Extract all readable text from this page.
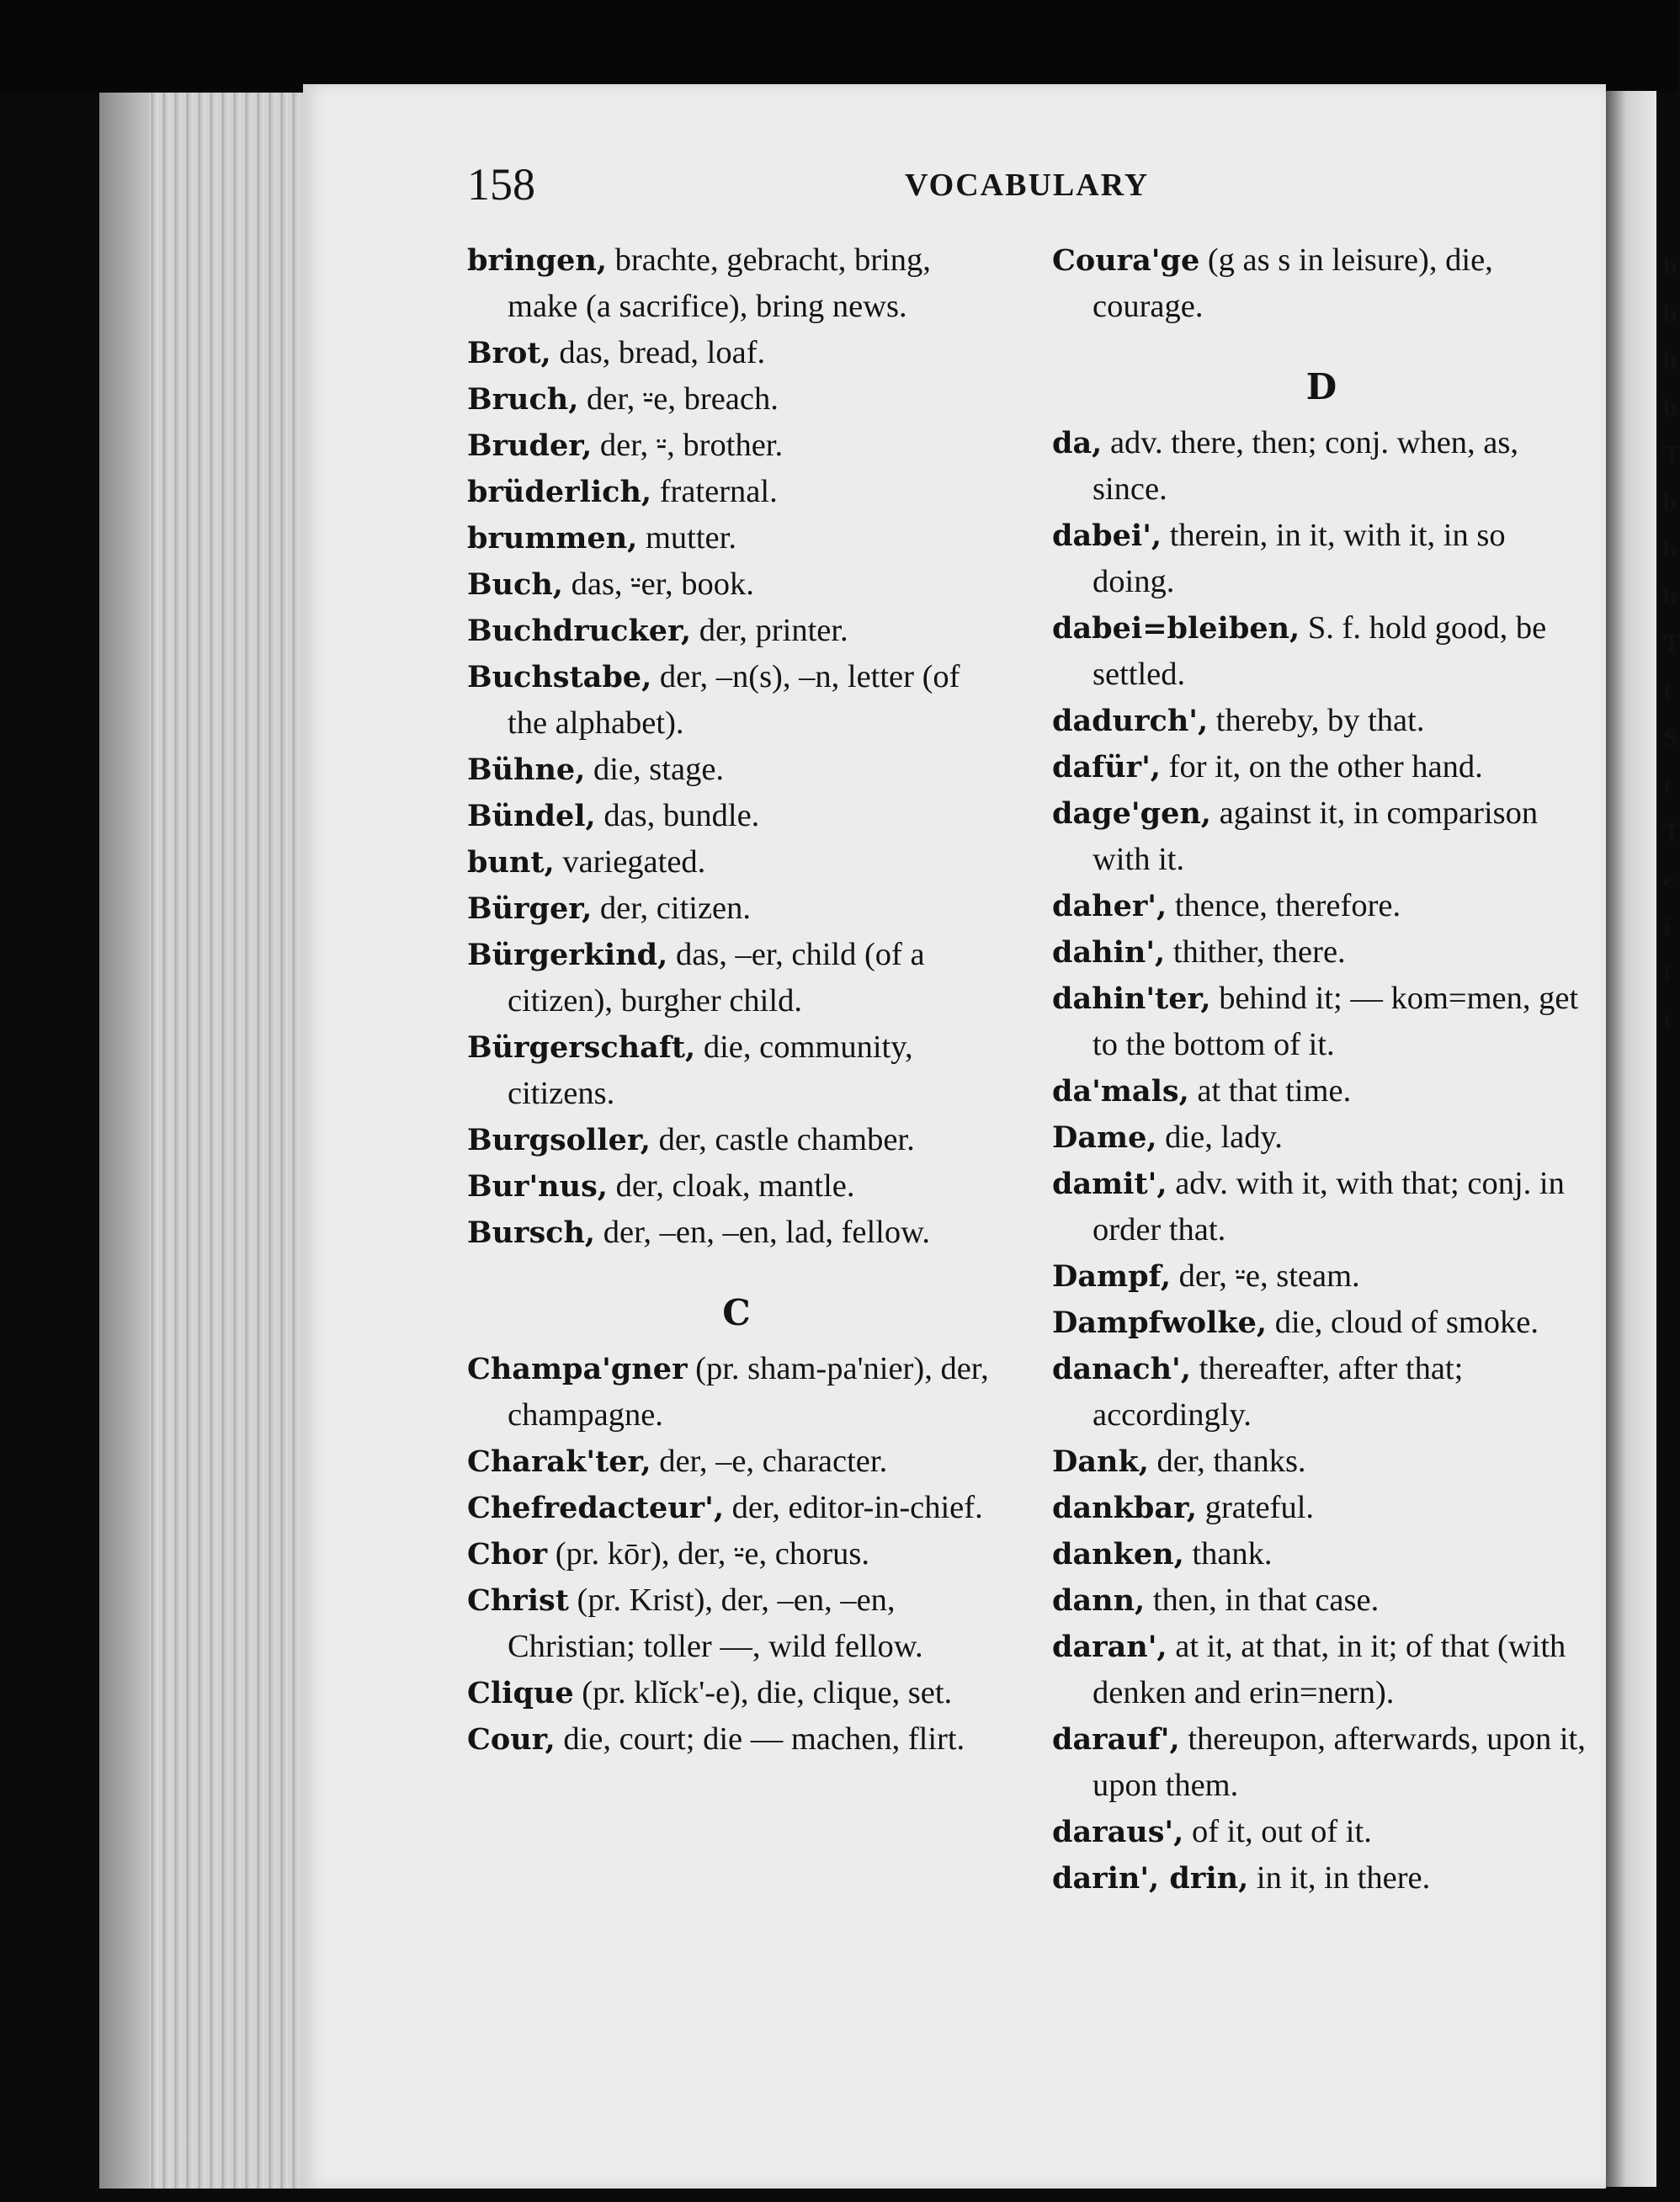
b
b
b
b
T
b
b
b
T
t
S
t
T
e
i
i
t
158	VOCABULARY

bringen, brachte, gebracht, bring, make (a sacrifice), bring news.

Brot, das, bread, loaf.

Bruch, der, ⸚e, breach.

Bruder, der, ⸚, brother.

brüderlich, fraternal.

brummen, mutter.

Buch, das, ⸚er, book.

Buchdrucker, der, printer.

Buchstabe, der, –n(s), –n, letter (of the alphabet).

Bühne, die, stage.

Bündel, das, bundle.

bunt, variegated.

Bürger, der, citizen.

Bürgerkind, das, –er, child (of a citizen), burgher child.

Bürgerschaft, die, community, citizens.

Burgsoller, der, castle chamber.

Bur'nus, der, cloak, mantle.

Bursch, der, –en, –en, lad, fellow.

C

Champa'gner (pr. sham-pa'nier), der, champagne.

Charak'ter, der, –e, character.

Chefredacteur', der, editor-in-chief.

Chor (pr. kōr), der, ⸚e, chorus.

Christ (pr. Krist), der, –en, –en, Christian; toller —, wild fellow.

Clique (pr. klĭck'-e), die, clique, set.

Cour, die, court; die — machen, flirt.

Coura'ge (g as s in leisure), die, courage.

D

da, adv. there, then; conj. when, as, since.

dabei', therein, in it, with it, in so doing.

dabei=bleiben, S. f. hold good, be settled.

dadurch', thereby, by that.

dafür', for it, on the other hand.

dage'gen, against it, in comparison with it.

daher', thence, therefore.

dahin', thither, there.

dahin'ter, behind it; — kom=men, get to the bottom of it.

da'mals, at that time.

Dame, die, lady.

damit', adv. with it, with that; conj. in order that.

Dampf, der, ⸚e, steam.

Dampfwolke, die, cloud of smoke.

danach', thereafter, after that; accordingly.

Dank, der, thanks.

dankbar, grateful.

danken, thank.

dann, then, in that case.

daran', at it, at that, in it; of that (with denken and erin=nern).

darauf', thereupon, afterwards, upon it, upon them.

daraus', of it, out of it.

darin', drin, in it, in there.
